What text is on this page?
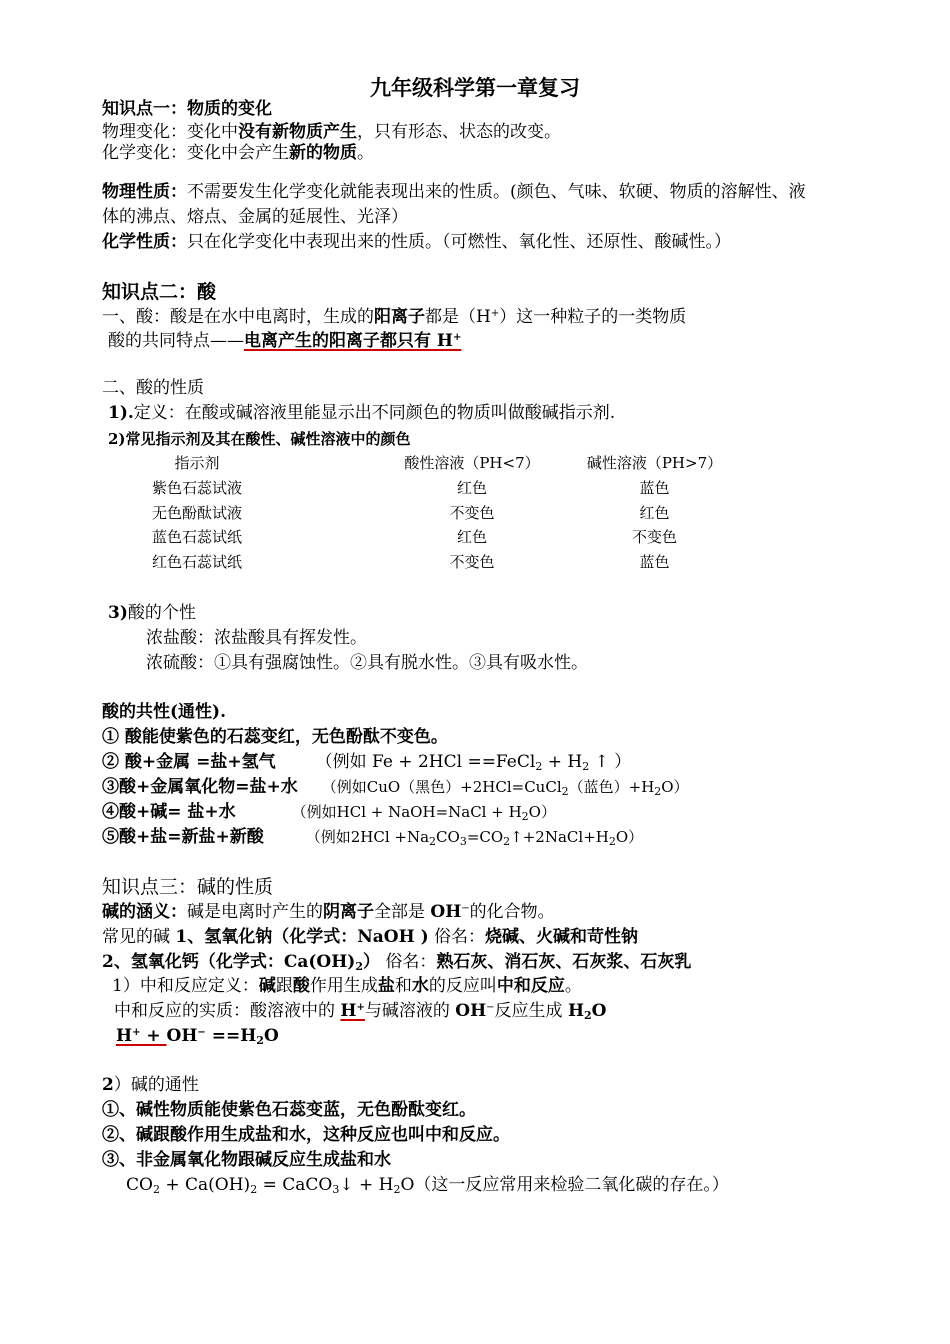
九年级科学第一章复习
知识点一：物质的变化
物理变化：变化中没有新物质产生，只有形态、状态的改变。
化学变化：变化中会产生新的物质。
物理性质：不需要发生化学变化就能表现出来的性质。(颜色、气味、软硬、物质的溶解性、液
体的沸点、熔点、金属的延展性、光泽）
化学性质：只在化学变化中表现出来的性质。（可燃性、氧化性、还原性、酸碱性。）
知识点二：酸
一、酸：酸是在水中电离时，生成的阳离子都是（H+）这一种粒子的一类物质
酸的共同特点——电离产生的阳离子都只有 H+
二、酸的性质
1).定义：在酸或碱溶液里能显示出不同颜色的物质叫做酸碱指示剂.
2)常见指示剂及其在酸性、碱性溶液中的颜色
指示剂	酸性溶液（PH<7）	碱性溶液（PH>7）
紫色石蕊试液	红色	蓝色
无色酚酞试液	不变色	红色
蓝色石蕊试纸	红色	不变色
红色石蕊试纸	不变色	蓝色
3)酸的个性
浓盐酸：浓盐酸具有挥发性。
浓硫酸：①具有强腐蚀性。②具有脱水性。③具有吸水性。
酸的共性(通性).
① 酸能使紫色的石蕊变红，无色酚酞不变色。
② 酸+金属 =盐+氢气 （例如 Fe + 2HCl ==FeCl$_2$ + $H_2$ ↑ ）
③酸+金属氧化物=盐+水 （例如CuO（黑色）+2HCl=CuCl$_2$（蓝色）$+H_2O$）
④酸+碱= 盐+水	（例如HCl + NaOH=NaCl + $H_2O$）
⑤酸+盐=新盐+新酸	（例如$2HCl +Na_2CO_3=CO_2↑+2NaCl+H_2O$）
知识点三：碱的性质
碱的涵义：碱是电离时产生的阴离子全部是 OH−的化合物。
常见的碱 1、氢氧化钠（化学式：NaOH ) 俗名：烧碱、火碱和苛性钠
2、氢氧化钙（化学式：$Ca(OH)_2$） 俗名：熟石灰、消石灰、石灰浆、石灰乳
1）中和反应定义：碱跟酸作用生成盐和水的反应叫中和反应。
中和反应的实质：酸溶液中的 H+与碱溶液的 OH−反应生成 $H_2O$
$H^+ + OH^- ==H_2O$
2）碱的通性
①、碱性物质能使紫色石蕊变蓝，无色酚酞变红。
②、碱跟酸作用生成盐和水，这种反应也叫中和反应。
③、非金属氧化物跟碱反应生成盐和水
$CO_2 + Ca(OH)_2$ = CaCO$_3$↓ + $H_2O$（这一反应常用来检验二氧化碳的存在。）
